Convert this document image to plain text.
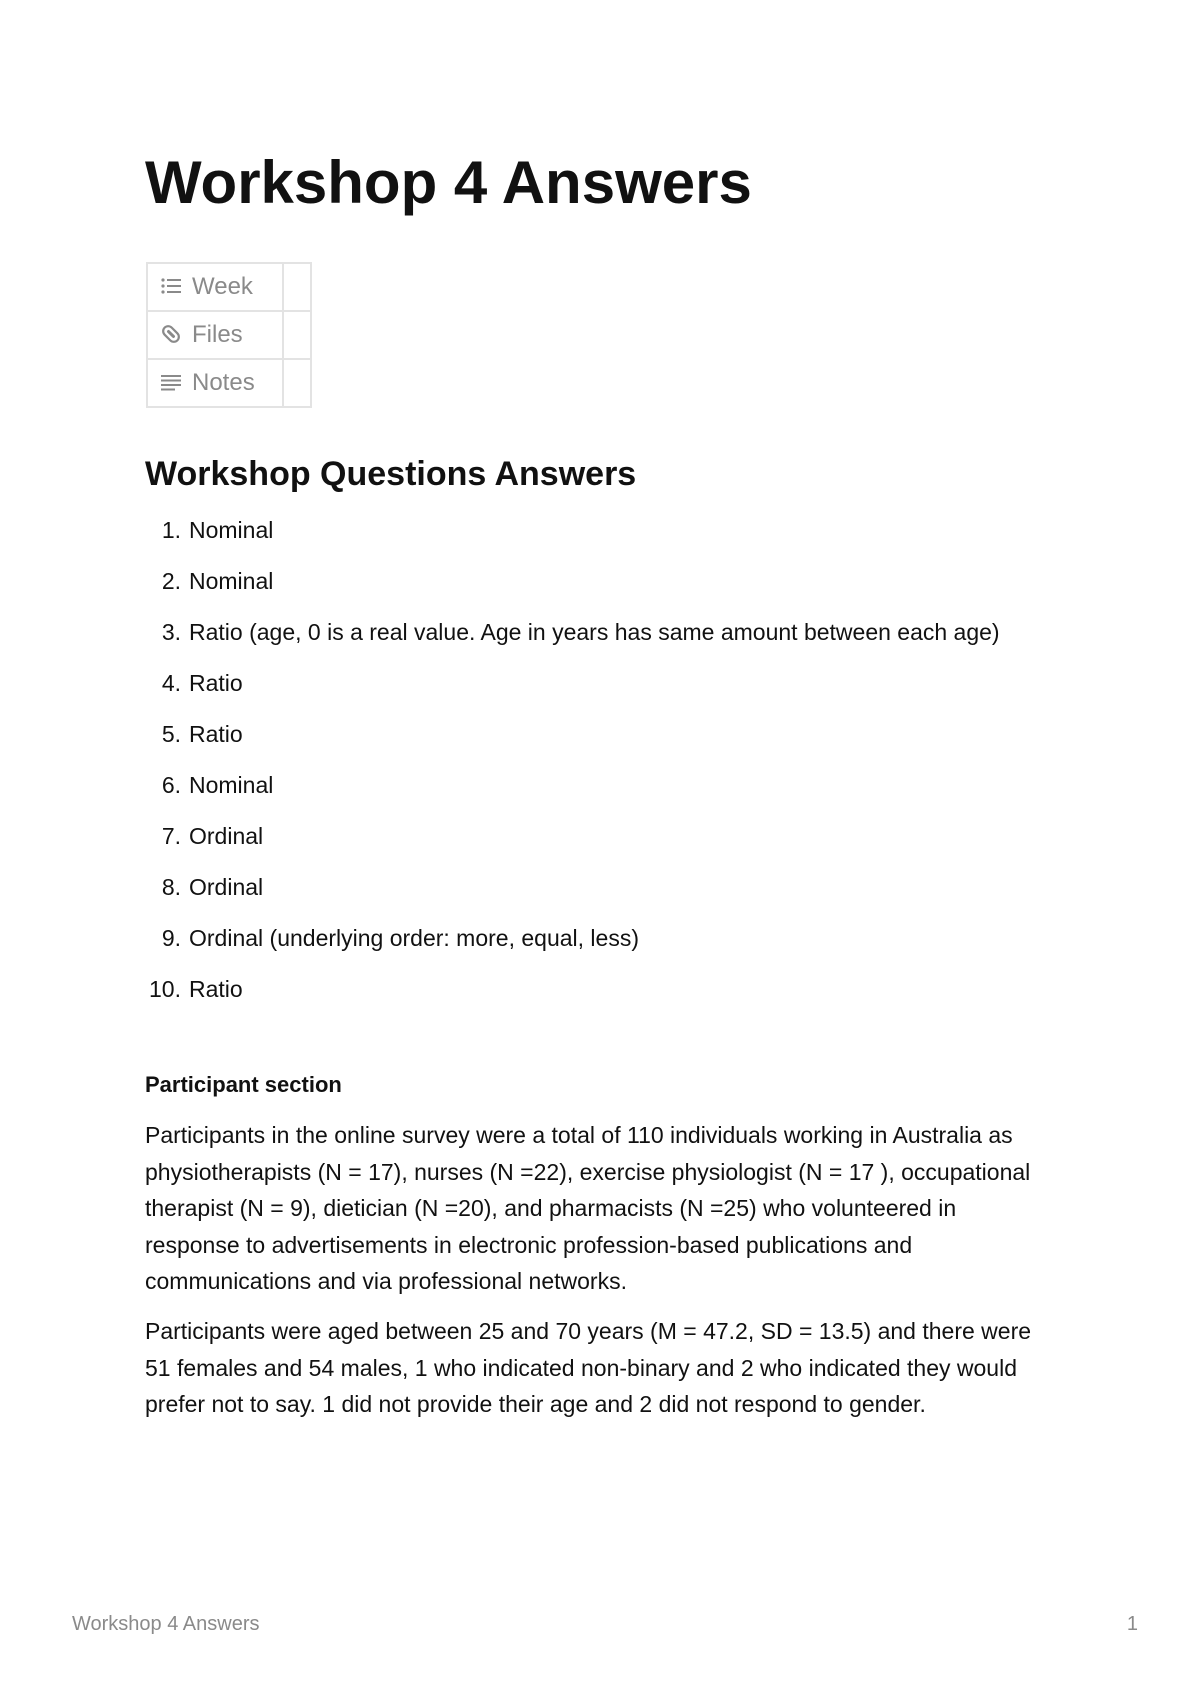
Workshop 4 Answers
Week	
Files	
Notes	
Workshop Questions Answers
1. Nominal
2. Nominal
3. Ratio (age, 0 is a real value. Age in years has same amount between each age)
4. Ratio
5. Ratio
6. Nominal
7. Ordinal
8. Ordinal
9. Ordinal (underlying order: more, equal, less)
10. Ratio
Participant section

Participants in the online survey were a total of 110 individuals working in Australia as physiotherapists (N = 17), nurses (N =22), exercise physiologist (N = 17 ), occupational therapist (N = 9), dietician (N =20), and pharmacists (N =25) who volunteered in response to advertisements in electronic profession-based publications and communications and via professional networks.

Participants were aged between 25 and 70 years (M = 47.2, SD = 13.5) and there were 51 females and 54 males, 1 who indicated non-binary and 2 who indicated they would prefer not to say. 1 did not provide their age and 2 did not respond to gender.

Workshop 4 Answers	1
